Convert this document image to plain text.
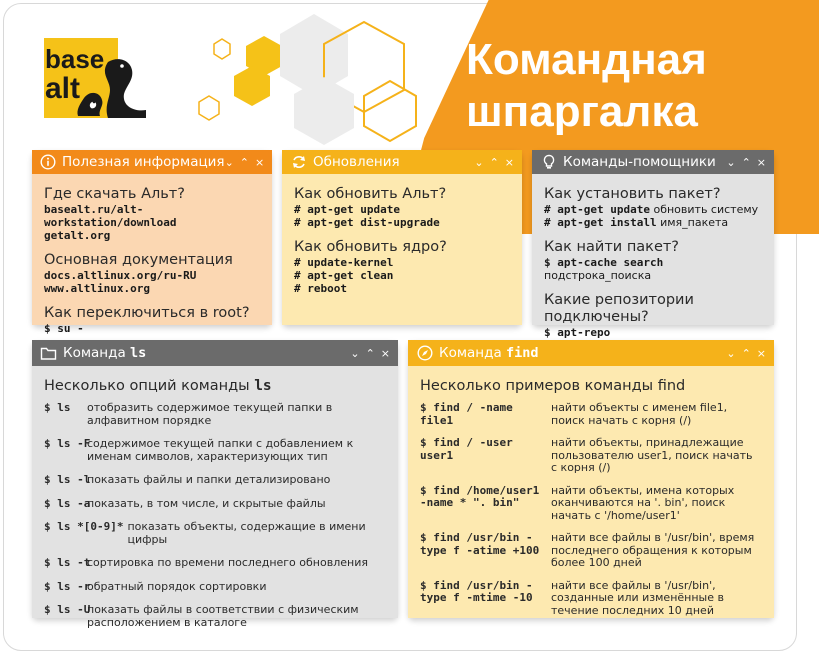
Командная
шпаргалка
base
alt
Полезная информация ⌄ ⌃ ×
Где скачать Альт?
basealt.ru/alt-workstation/download
getalt.org
Основная документация
docs.altlinux.org/ru-RU
www.altlinux.org
Как переключиться в root?
$ su -
Обновления	⌄ ⌃ ×
Как обновить Альт?
# apt-get update
# apt-get dist-upgrade
Как обновить ядро?
# update-kernel
# apt-get clean
# reboot
Команды-помощники ⌄ ⌃ ×
Как установить пакет?
# apt-get update обновить систему
# apt-get install имя_пакета
Как найти пакет?
$ apt-cache search подстрока_поиска
Какие репозитории подключены?
$ apt-repo
Команда ls	⌄ ⌃ ×
Несколько опций команды ls
$ ls	отобразить содержимое текущей папки в алфавитном порядке
$ ls -F
содержимое текущей папки с добавлением к именам символов, характеризующих тип
$ ls -l
показать файлы и папки детализировано
$ ls -a
показать, в том числе, и скрытые файлы
$ ls *[0-9]* показать объекты, содержащие в имени цифры
$ ls -t
сортировка по времени последнего обновления
$ ls -r
обратный порядок сортировки
$ ls -U
показать файлы в соответствии с физическим расположением в каталоге
Команда find	⌄ ⌃ ×
Несколько примеров команды find
$ find / -name file1
найти объекты с именем file1, поиск начать с корня (/)
$ find / -user user1
найти объекты, принадлежащие пользователю user1, поиск начать с корня (/)
$ find /home/user1 -name * ". bin"
найти объекты, имена которых оканчиваются на '. bin', поиск начать с '/home/user1'
$ find /usr/bin -type f -atime +100
найти все файлы в '/usr/bin', время последнего обращения к которым более 100 дней
$ find /usr/bin -type f -mtime -10
найти все файлы в '/usr/bin', созданные или изменённые в течение последних 10 дней
